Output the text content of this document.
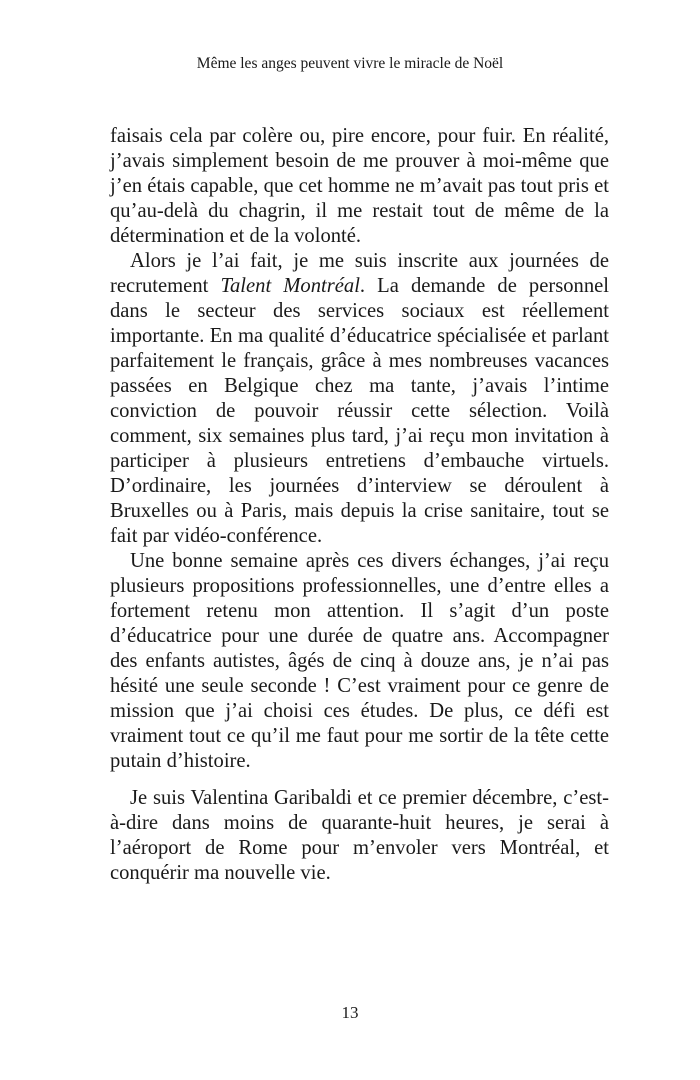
Même les anges peuvent vivre le miracle de Noël

faisais cela par colère ou, pire encore, pour fuir. En réalité, j’avais simplement besoin de me prouver à moi-même que j’en étais capable, que cet homme ne m’avait pas tout pris et qu’au-delà du chagrin, il me restait tout de même de la détermination et de la volonté.

Alors je l’ai fait, je me suis inscrite aux journées de recrutement Talent Montréal. La demande de personnel dans le secteur des services sociaux est réellement importante. En ma qualité d’éducatrice spécialisée et parlant parfaitement le français, grâce à mes nombreuses vacances passées en Belgique chez ma tante, j’avais l’intime conviction de pouvoir réussir cette sélection. Voilà comment, six semaines plus tard, j’ai reçu mon invitation à participer à plusieurs entretiens d’embauche virtuels. D’ordinaire, les journées d’interview se déroulent à Bruxelles ou à Paris, mais depuis la crise sanitaire, tout se fait par vidéo-conférence.

Une bonne semaine après ces divers échanges, j’ai reçu plusieurs propositions professionnelles, une d’entre elles a fortement retenu mon attention. Il s’agit d’un poste d’éducatrice pour une durée de quatre ans. Accompagner des enfants autistes, âgés de cinq à douze ans, je n’ai pas hésité une seule seconde ! C’est vraiment pour ce genre de mission que j’ai choisi ces études. De plus, ce défi est vraiment tout ce qu’il me faut pour me sortir de la tête cette putain d’histoire.

Je suis Valentina Garibaldi et ce premier décembre, c’est-à-dire dans moins de quarante-huit heures, je serai à l’aéroport de Rome pour m’envoler vers Montréal, et conquérir ma nouvelle vie.

13
